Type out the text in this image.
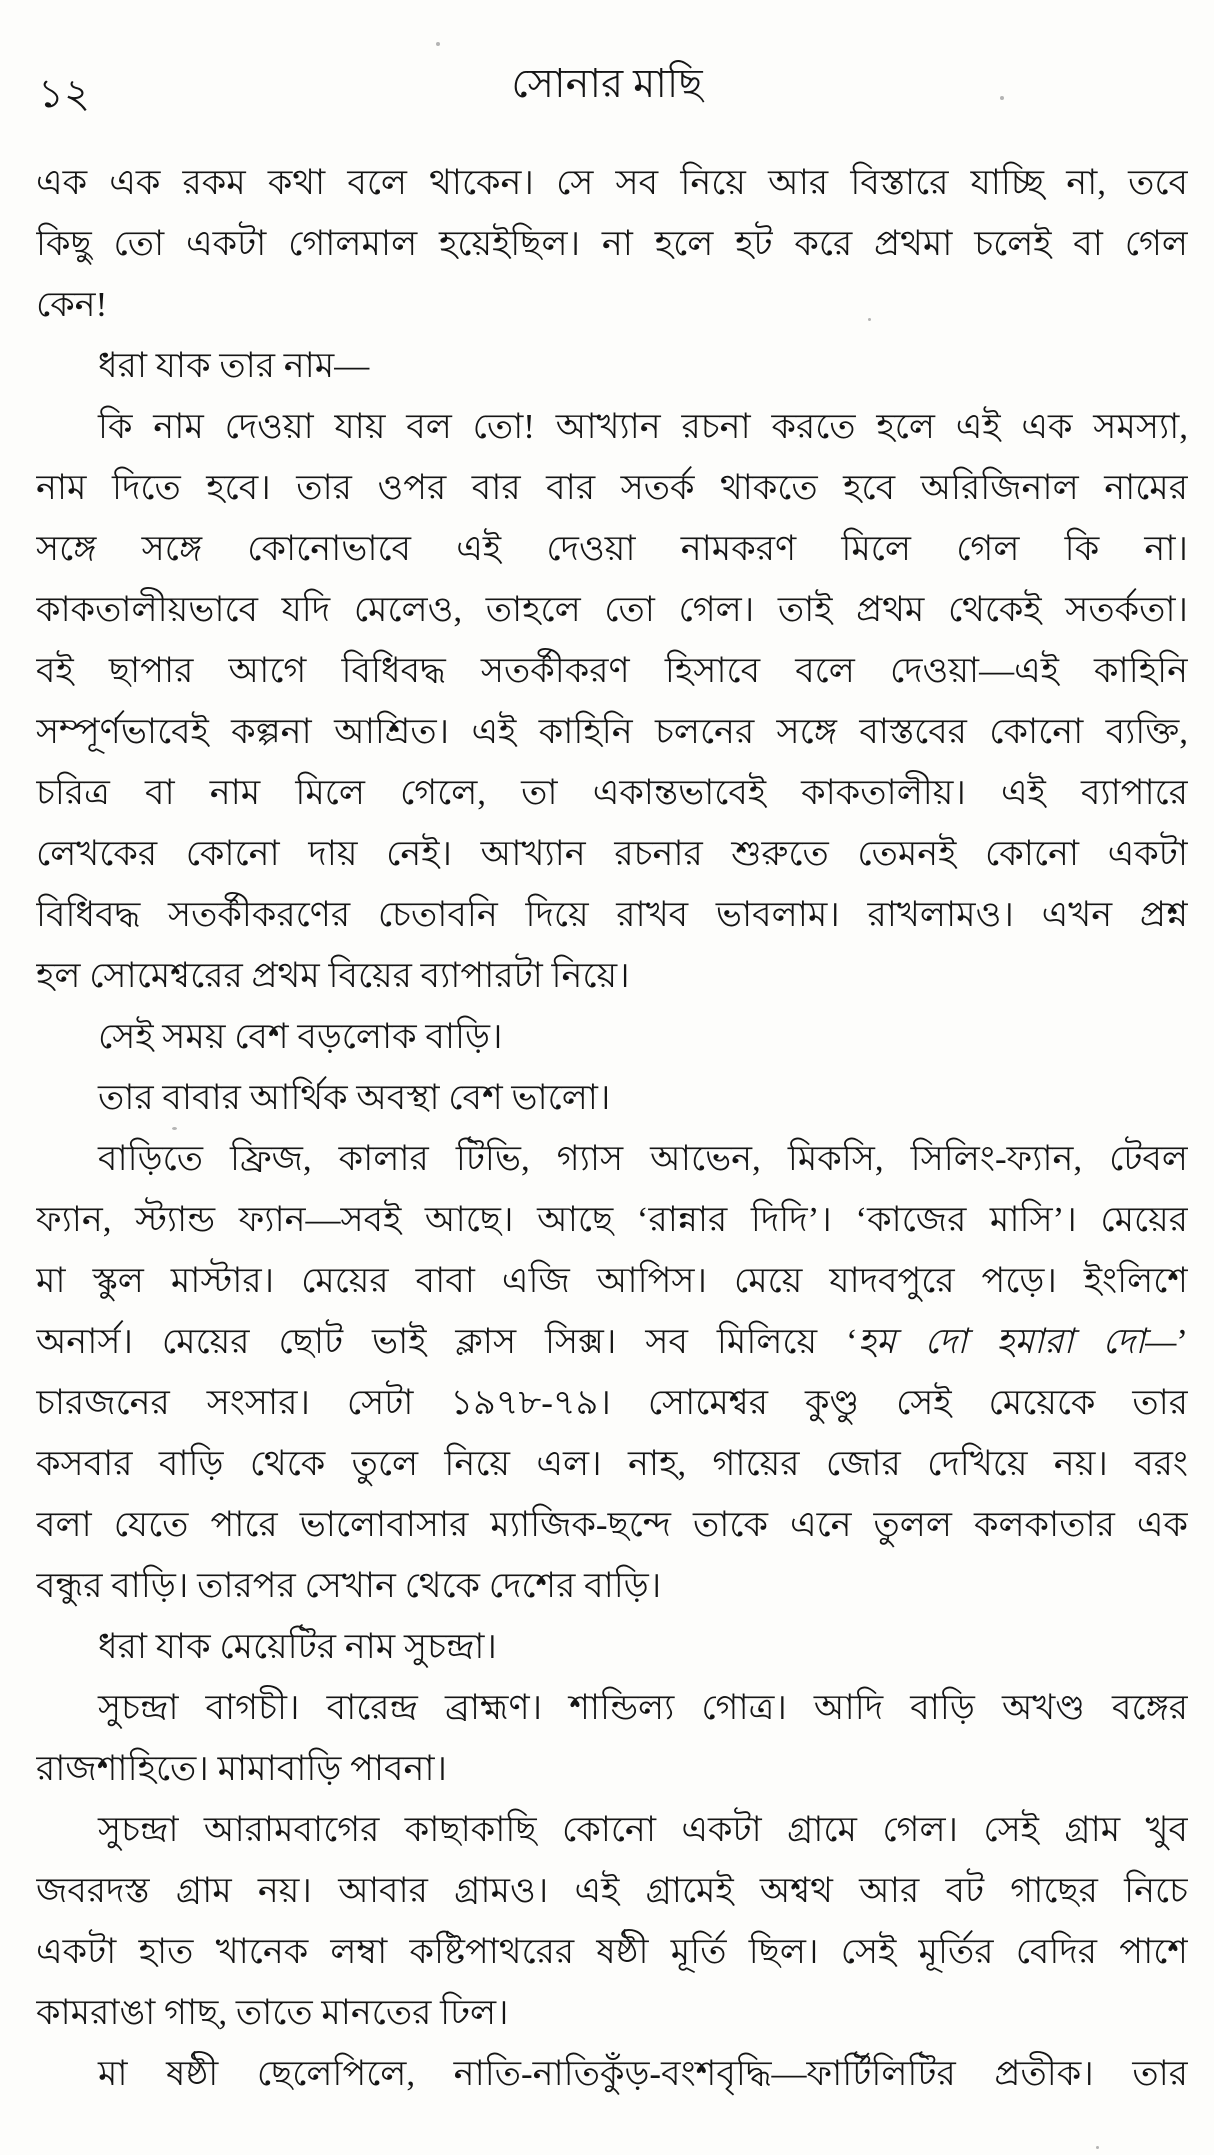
১২	সোনার মাছি
এক এক রকম কথা বলে থাকেন। সে সব নিয়ে আর বিস্তারে যাচ্ছি না, তবে
কিছু তো একটা গোলমাল হয়েইছিল। না হলে হট করে প্রথমা চলেই বা গেল
কেন!
ধরা যাক তার নাম—
কি নাম দেওয়া যায় বল তো! আখ্যান রচনা করতে হলে এই এক সমস্যা,
নাম দিতে হবে। তার ওপর বার বার সতর্ক থাকতে হবে অরিজিনাল নামের
সঙ্গে সঙ্গে কোনোভাবে এই দেওয়া নামকরণ মিলে গেল কি না।
কাকতালীয়ভাবে যদি মেলেও, তাহলে তো গেল। তাই প্রথম থেকেই সতর্কতা।
বই ছাপার আগে বিধিবদ্ধ সতর্কীকরণ হিসাবে বলে দেওয়া—এই কাহিনি
সম্পূর্ণভাবেই কল্পনা আশ্রিত। এই কাহিনি চলনের সঙ্গে বাস্তবের কোনো ব্যক্তি,
চরিত্র বা নাম মিলে গেলে, তা একান্তভাবেই কাকতালীয়। এই ব্যাপারে
লেখকের কোনো দায় নেই। আখ্যান রচনার শুরুতে তেমনই কোনো একটা
বিধিবদ্ধ সতর্কীকরণের চেতাবনি দিয়ে রাখব ভাবলাম। রাখলামও। এখন প্রশ্ন
হল সোমেশ্বরের প্রথম বিয়ের ব্যাপারটা নিয়ে।
সেই সময় বেশ বড়লোক বাড়ি।
তার বাবার আর্থিক অবস্থা বেশ ভালো।
বাড়িতে ফ্রিজ, কালার টিভি, গ্যাস আভেন, মিকসি, সিলিং-ফ্যান, টেবল
ফ্যান, স্ট্যান্ড ফ্যান—সবই আছে। আছে ‘রান্নার দিদি’। ‘কাজের মাসি’। মেয়ের
মা স্কুল মাস্টার। মেয়ের বাবা এজি আপিস। মেয়ে যাদবপুরে পড়ে। ইংলিশে
অনার্স। মেয়ের ছোট ভাই ক্লাস সিক্স। সব মিলিয়ে ‘হম দো হমারা দো—’
চারজনের সংসার। সেটা ১৯৭৮-৭৯। সোমেশ্বর কুণ্ডু সেই মেয়েকে তার
কসবার বাড়ি থেকে তুলে নিয়ে এল। নাহ, গায়ের জোর দেখিয়ে নয়। বরং
বলা যেতে পারে ভালোবাসার ম্যাজিক-ছন্দে তাকে এনে তুলল কলকাতার এক
বন্ধুর বাড়ি। তারপর সেখান থেকে দেশের বাড়ি।
ধরা যাক মেয়েটির নাম সুচন্দ্রা।
সুচন্দ্রা বাগচী। বারেন্দ্র ব্রাহ্মণ। শান্ডিল্য গোত্র। আদি বাড়ি অখণ্ড বঙ্গের
রাজশাহিতে। মামাবাড়ি পাবনা।
সুচন্দ্রা আরামবাগের কাছাকাছি কোনো একটা গ্রামে গেল। সেই গ্রাম খুব
জবরদস্ত গ্রাম নয়। আবার গ্রামও। এই গ্রামেই অশ্বথ আর বট গাছের নিচে
একটা হাত খানেক লম্বা কষ্টিপাথরের ষষ্ঠী মূর্তি ছিল। সেই মূর্তির বেদির পাশে
কামরাঙা গাছ, তাতে মানতের ঢিল।
মা ষষ্ঠী ছেলেপিলে, নাতি-নাতিকুঁড়-বংশবৃদ্ধি—ফার্টিলিটির প্রতীক। তার
